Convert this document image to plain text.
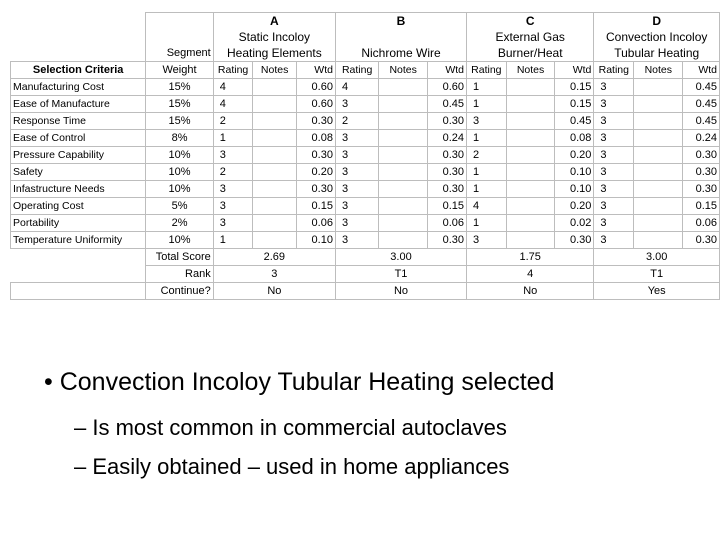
		A			B			C			D		
		Static Incoloy						External Gas			Convection Incoloy		
	Segment	Heating Elements			Nichrome Wire			Burner/Heat			Tubular Heating		
Selection Criteria	Weight	Rating	Notes	Wtd	Rating	Notes	Wtd	Rating	Notes	Wtd	Rating	Notes	Wtd
Manufacturing Cost	15%	4		0.60	4		0.60	1		0.15	3		0.45
Ease of Manufacture	15%	4		0.60	3		0.45	1		0.15	3		0.45
Response Time	15%	2		0.30	2		0.30	3		0.45	3		0.45
Ease of Control	8%	1		0.08	3		0.24	1		0.08	3		0.24
Pressure Capability	10%	3		0.30	3		0.30	2		0.20	3		0.30
Safety	10%	2		0.20	3		0.30	1		0.10	3		0.30
Infastructure Needs	10%	3		0.30	3		0.30	1		0.10	3		0.30
Operating Cost	5%	3		0.15	3		0.15	4		0.20	3		0.15
Portability	2%	3		0.06	3		0.06	1		0.02	3		0.06
Temperature Uniformity	10%	1		0.10	3		0.30	3		0.30	3		0.30
	Total Score	2.69			3.00			1.75			3.00		
	Rank	3			T1			4			T1		
	Continue?	No			No			No			Yes		
• Convection Incoloy Tubular Heating selected
– Is most common in commercial autoclaves
– Easily obtained – used in home appliances
